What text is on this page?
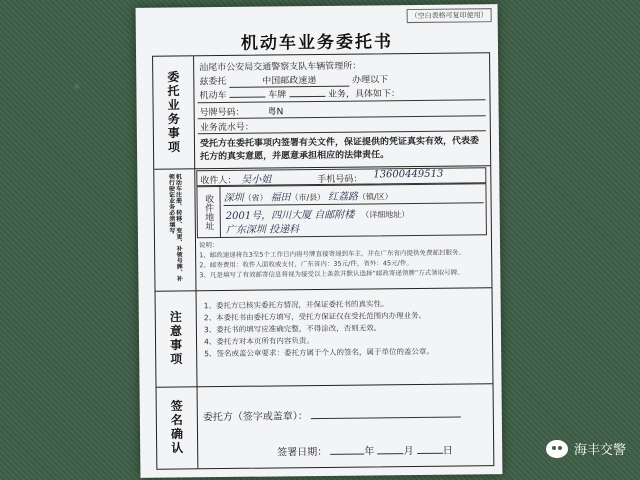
（空白表格可复印使用）
机动车业务委托书
委托业务事项
汕尾市公安局交通警察支队车辆管理所：
兹委托	中国邮政速递	办理以下
机动车	车牌	业务，具体如下：
号牌号码：	粤N
业务流水号：
受托方在委托事项内签署有关文件，保证提供的凭证真实有效，代表委托方的真实意愿，并愿意承担相应的法律责任。
机动车注册、转移、变更、补领号牌、补领行驶证业务必须填写	收件人： 吴小姐	手机号码： 13600449513
收件地址 深圳（省） 福田（市/县） 红荔路（镇/区）
2001号，四川大厦 自邮附楼 （详细地址）
广东深圳 投递科
说明：
1、邮政速递将在3至5个工作日内将号牌直接寄递到车主，并在广东省内提供免费邮封服务。
2、邮寄费用：收件人面收或支付，广东省内：35元/件，省外：45元/件。
3、凡是填写了有效邮寄信息将视为接受以上条款并默认选择“邮政寄递领牌”方式领取号牌。
注意事项
1、委托方已核实委托方情况，并保证委托书的真实性。
2、本委托书由委托方填写，受托方保证仅在受托范围内办理业务。
3、委托书的填写应准确完整，不得涂改，否则无效。
4、委托方对本页所有内容负责。
5、签名或盖公章要求：委托方属于个人的签名，属于单位的盖公章。
签名确认 委托方（签字或盖章）：
签署日期：	年	月	日	海丰交警
